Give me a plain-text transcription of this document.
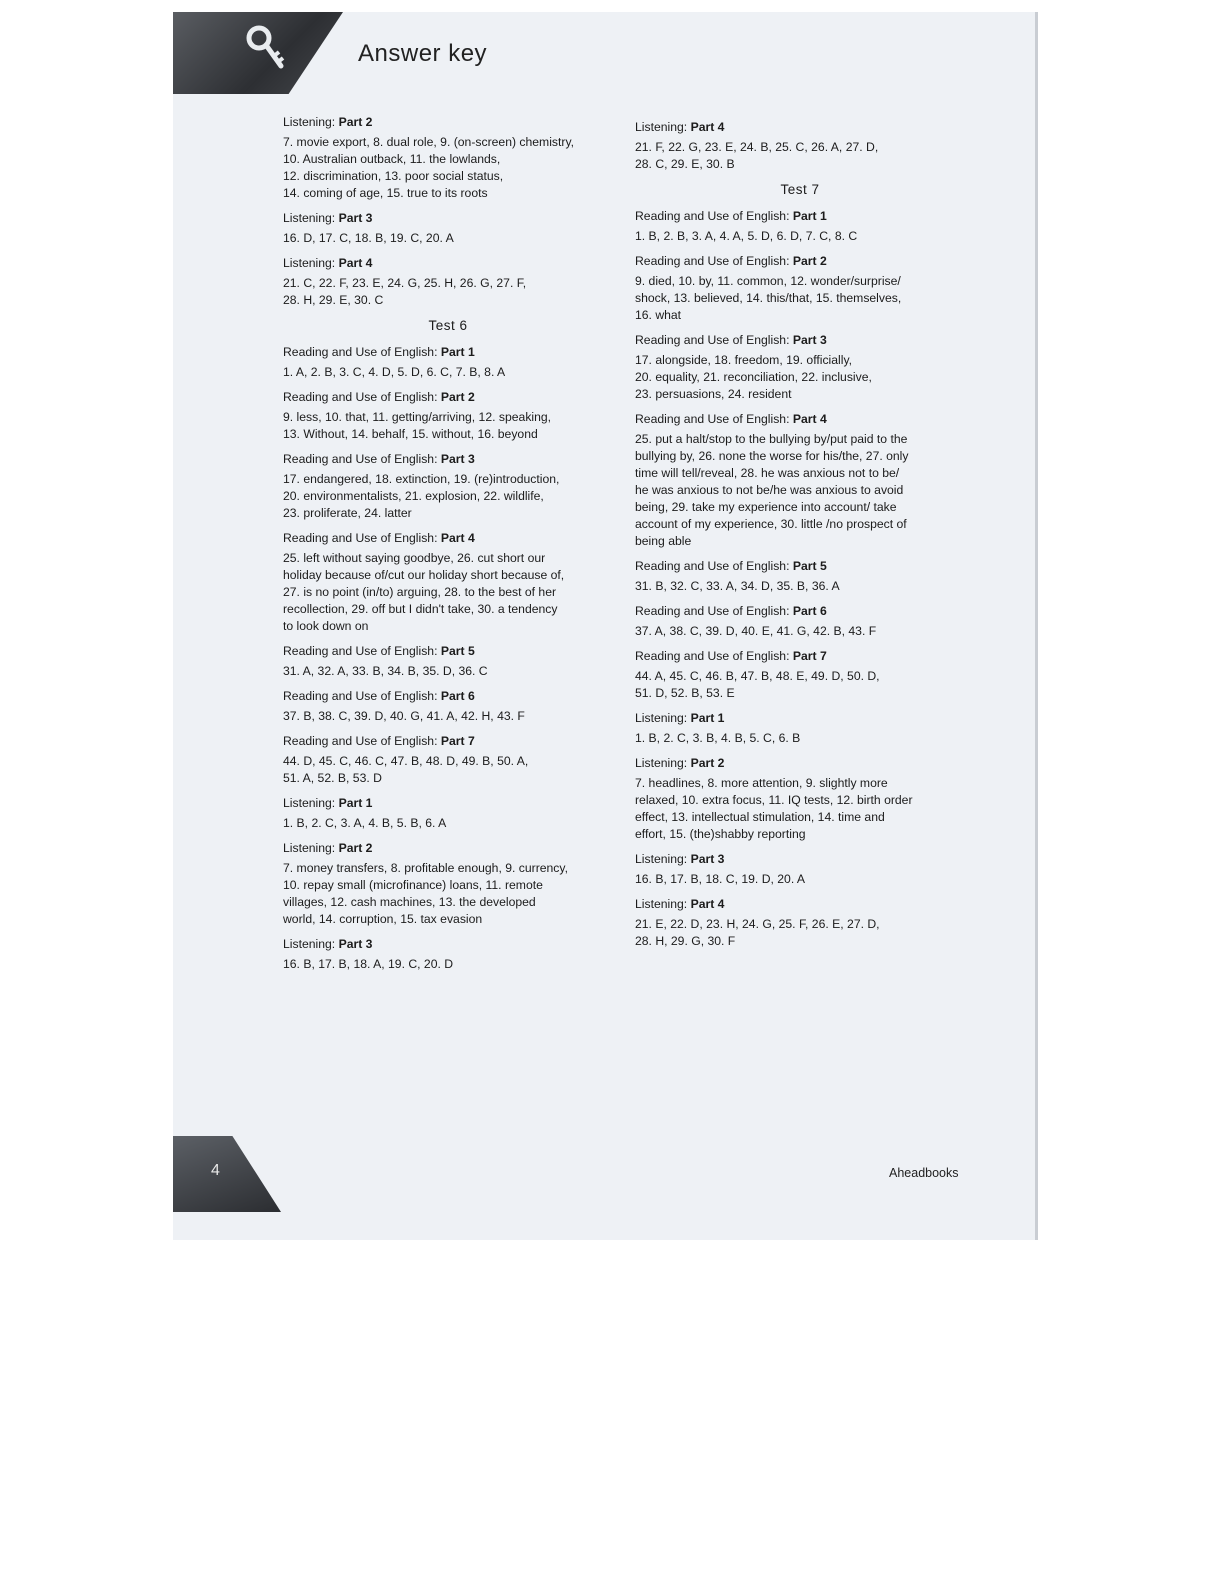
Answer key
Listening: Part 2
7. movie export, 8. dual role, 9. (on-screen) chemistry,
10. Australian outback, 11. the lowlands,
12. discrimination, 13. poor social status,
14. coming of age, 15. true to its roots
Listening: Part 3
16. D, 17. C, 18. B, 19. C, 20. A
Listening: Part 4
21. C, 22. F, 23. E, 24. G, 25. H, 26. G, 27. F,
28. H, 29. E, 30. C
Test 6
Reading and Use of English: Part 1
1. A, 2. B, 3. C, 4. D, 5. D, 6. C, 7. B, 8. A
Reading and Use of English: Part 2
9. less, 10. that, 11. getting/arriving, 12. speaking,
13. Without, 14. behalf, 15. without, 16. beyond
Reading and Use of English: Part 3
17. endangered, 18. extinction, 19. (re)introduction,
20. environmentalists, 21. explosion, 22. wildlife,
23. proliferate, 24. latter
Reading and Use of English: Part 4
25. left without saying goodbye, 26. cut short our
holiday because of/cut our holiday short because of,
27. is no point (in/to) arguing, 28. to the best of her
recollection, 29. off but I didn't take, 30. a tendency
to look down on
Reading and Use of English: Part 5
31. A, 32. A, 33. B, 34. B, 35. D, 36. C
Reading and Use of English: Part 6
37. B, 38. C, 39. D, 40. G, 41. A, 42. H, 43. F
Reading and Use of English: Part 7
44. D, 45. C, 46. C, 47. B, 48. D, 49. B, 50. A,
51. A, 52. B, 53. D
Listening: Part 1
1. B, 2. C, 3. A, 4. B, 5. B, 6. A
Listening: Part 2
7. money transfers, 8. profitable enough, 9. currency,
10. repay small (microfinance) loans, 11. remote
villages, 12. cash machines, 13. the developed
world, 14. corruption, 15. tax evasion
Listening: Part 3
16. B, 17. B, 18. A, 19. C, 20. D
Listening: Part 4
21. F, 22. G, 23. E, 24. B, 25. C, 26. A, 27. D,
28. C, 29. E, 30. B
Test 7
Reading and Use of English: Part 1
1. B, 2. B, 3. A, 4. A, 5. D, 6. D, 7. C, 8. C
Reading and Use of English: Part 2
9. died, 10. by, 11. common, 12. wonder/surprise/
shock, 13. believed, 14. this/that, 15. themselves,
16. what
Reading and Use of English: Part 3
17. alongside, 18. freedom, 19. officially,
20. equality, 21. reconciliation, 22. inclusive,
23. persuasions, 24. resident
Reading and Use of English: Part 4
25. put a halt/stop to the bullying by/put paid to the
bullying by, 26. none the worse for his/the, 27. only
time will tell/reveal, 28. he was anxious not to be/
he was anxious to not be/he was anxious to avoid
being, 29. take my experience into account/ take
account of my experience, 30. little /no prospect of
being able
Reading and Use of English: Part 5
31. B, 32. C, 33. A, 34. D, 35. B, 36. A
Reading and Use of English: Part 6
37. A, 38. C, 39. D, 40. E, 41. G, 42. B, 43. F
Reading and Use of English: Part 7
44. A, 45. C, 46. B, 47. B, 48. E, 49. D, 50. D,
51. D, 52. B, 53. E
Listening: Part 1
1. B, 2. C, 3. B, 4. B, 5. C, 6. B
Listening: Part 2
7. headlines, 8. more attention, 9. slightly more
relaxed, 10. extra focus, 11. IQ tests, 12. birth order
effect, 13. intellectual stimulation, 14. time and
effort, 15. (the)shabby reporting
Listening: Part 3
16. B, 17. B, 18. C, 19. D, 20. A
Listening: Part 4
21. E, 22. D, 23. H, 24. G, 25. F, 26. E, 27. D,
28. H, 29. G, 30. F
4	Aheadbooks
